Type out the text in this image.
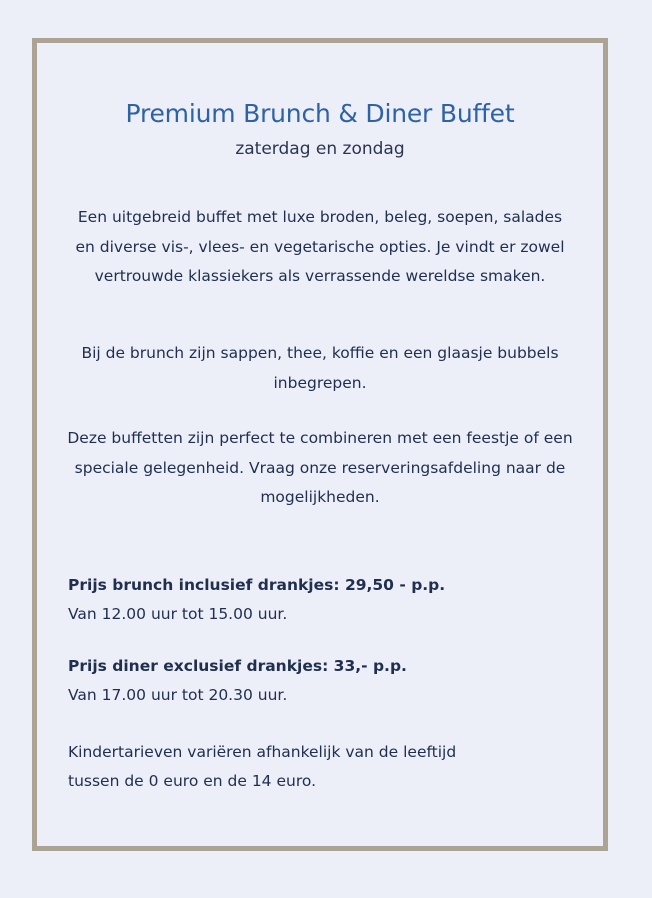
Premium Brunch & Diner Buffet
zaterdag en zondag

Een uitgebreid buffet met luxe broden, beleg, soepen, salades en diverse vis-, vlees- en vegetarische opties. Je vindt er zowel vertrouwde klassiekers als verrassende wereldse smaken.

Bij de brunch zijn sappen, thee, koffie en een glaasje bubbels inbegrepen.

Deze buffetten zijn perfect te combineren met een feestje of een speciale gelegenheid. Vraag onze reserveringsafdeling naar de mogelijkheden.

Prijs brunch inclusief drankjes: 29,50 - p.p.
Van 12.00 uur tot 15.00 uur.
Prijs diner exclusief drankjes: 33,- p.p.
Van 17.00 uur tot 20.30 uur.
Kindertarieven variëren afhankelijk van de leeftijd
tussen de 0 euro en de 14 euro.
